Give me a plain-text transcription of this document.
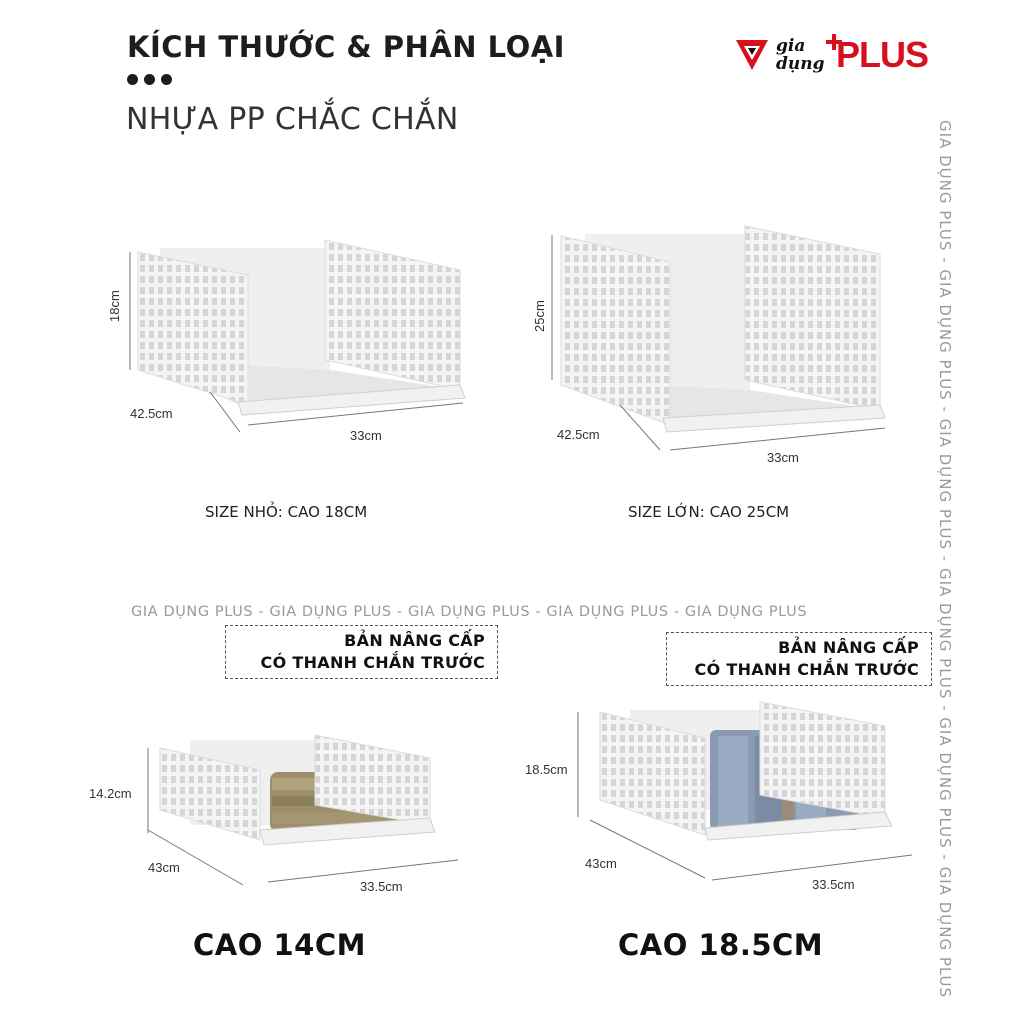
KÍCH THƯỚC & PHÂN LOẠI
NHỰA PP CHẮC CHẮN
gia
dụng PLUS
GIA DỤNG PLUS - GIA DỤNG PLUS - GIA DỤNG PLUS - GIA DỤNG PLUS - GIA DỤNG PLUS - GIA DỤNG PLUS
GIA DỤNG PLUS - GIA DỤNG PLUS - GIA DỤNG PLUS - GIA DỤNG PLUS - GIA DỤNG PLUS
18cm
42.5cm
33cm
SIZE NHỎ: CAO 18CM
25cm
42.5cm
33cm
SIZE LỚN: CAO 25CM
BẢN NÂNG CẤP
CÓ THANH CHẮN TRƯỚC
14.2cm
43cm
33.5cm
CAO 14CM
BẢN NÂNG CẤP
CÓ THANH CHẮN TRƯỚC
18.5cm
43cm
33.5cm
CAO 18.5CM
